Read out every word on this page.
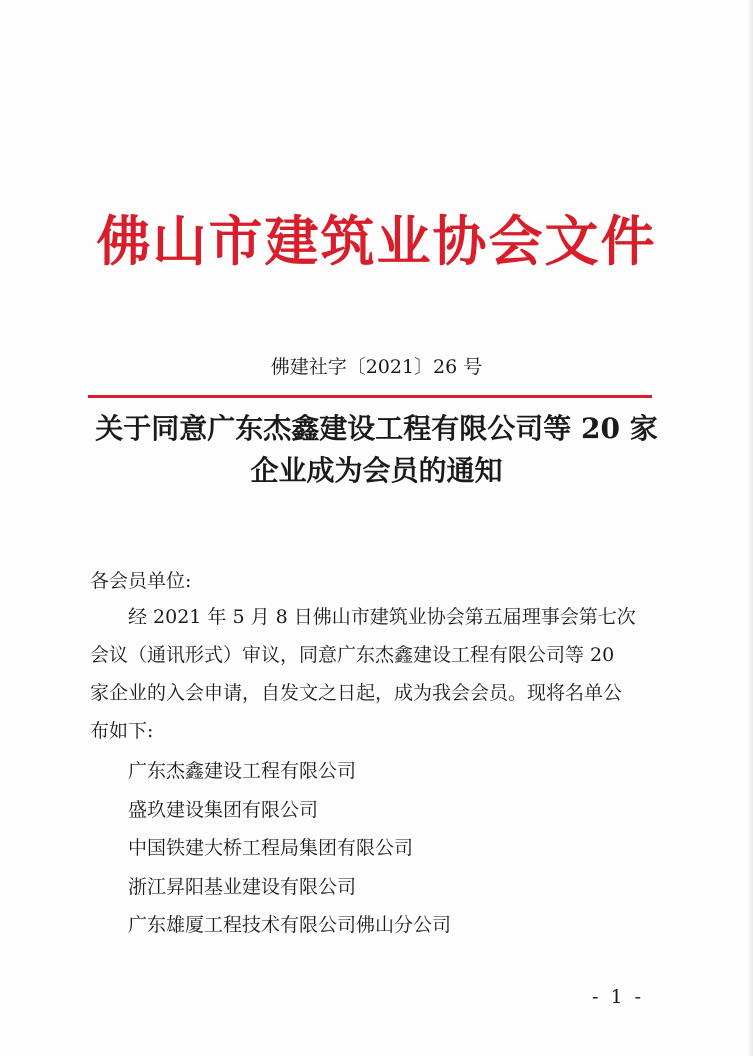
佛山市建筑业协会文件
佛建社字〔2021〕26 号
关于同意广东杰鑫建设工程有限公司等 20 家
企业成为会员的通知
各会员单位:
经 2021 年 5 月 8 日佛山市建筑业协会第五届理事会第七次
会议（通讯形式）审议，同意广东杰鑫建设工程有限公司等 20
家企业的入会申请，自发文之日起，成为我会会员。现将名单公
布如下:
广东杰鑫建设工程有限公司
盛玖建设集团有限公司
中国铁建大桥工程局集团有限公司
浙江昇阳基业建设有限公司
广东雄厦工程技术有限公司佛山分公司
- 1 -
